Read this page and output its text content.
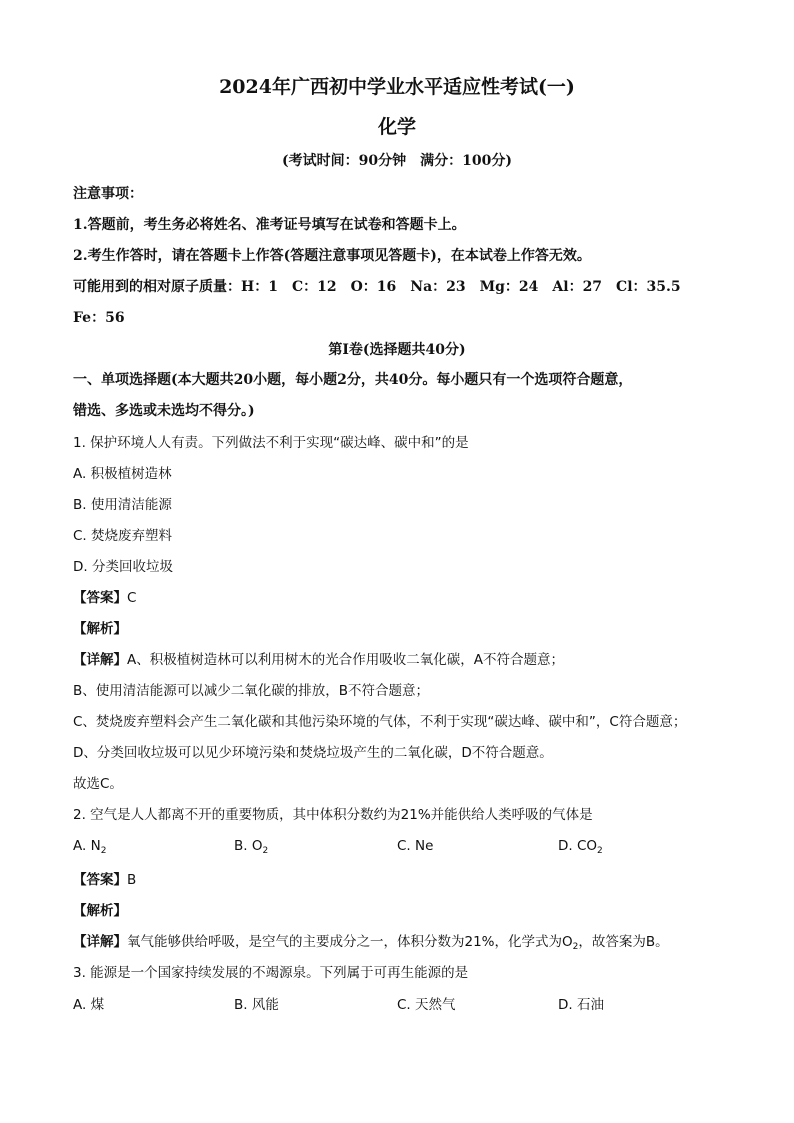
2024年广西初中学业水平适应性考试(一)
化学
(考试时间：90分钟　满分：100分)
注意事项：
1.答题前，考生务必将姓名、准考证号填写在试卷和答题卡上。
2.考生作答时，请在答题卡上作答(答题注意事项见答题卡)，在本试卷上作答无效。
可能用到的相对原子质量：H：1　C：12　O：16　Na：23　Mg：24　Al：27　Cl：35.5
Fe：56
第Ⅰ卷(选择题共40分)
一、单项选择题(本大题共20小题，每小题2分，共40分。每小题只有一个选项符合题意，
错选、多选或未选均不得分。)
1. 保护环境人人有责。下列做法不利于实现“碳达峰、碳中和”的是
A. 积极植树造林
B. 使用清洁能源
C. 焚烧废弃塑料
D. 分类回收垃圾
【答案】C
【解析】
【详解】A、积极植树造林可以利用树木的光合作用吸收二氧化碳，A不符合题意；
B、使用清洁能源可以减少二氧化碳的排放，B不符合题意；
C、焚烧废弃塑料会产生二氧化碳和其他污染环境的气体，不利于实现“碳达峰、碳中和”，C符合题意；
D、分类回收垃圾可以见少环境污染和焚烧垃圾产生的二氧化碳，D不符合题意。
故选C。
2. 空气是人人都离不开的重要物质，其中体积分数约为21%并能供给人类呼吸的气体是
A. $N_2$	B. $O_2$	C. Ne	D. $CO_2$
【答案】B
【解析】
【详解】氧气能够供给呼吸，是空气的主要成分之一，体积分数为21%，化学式为$O_2$，故答案为B。
3. 能源是一个国家持续发展的不竭源泉。下列属于可再生能源的是
A. 煤	B. 风能	C. 天然气	D. 石油
